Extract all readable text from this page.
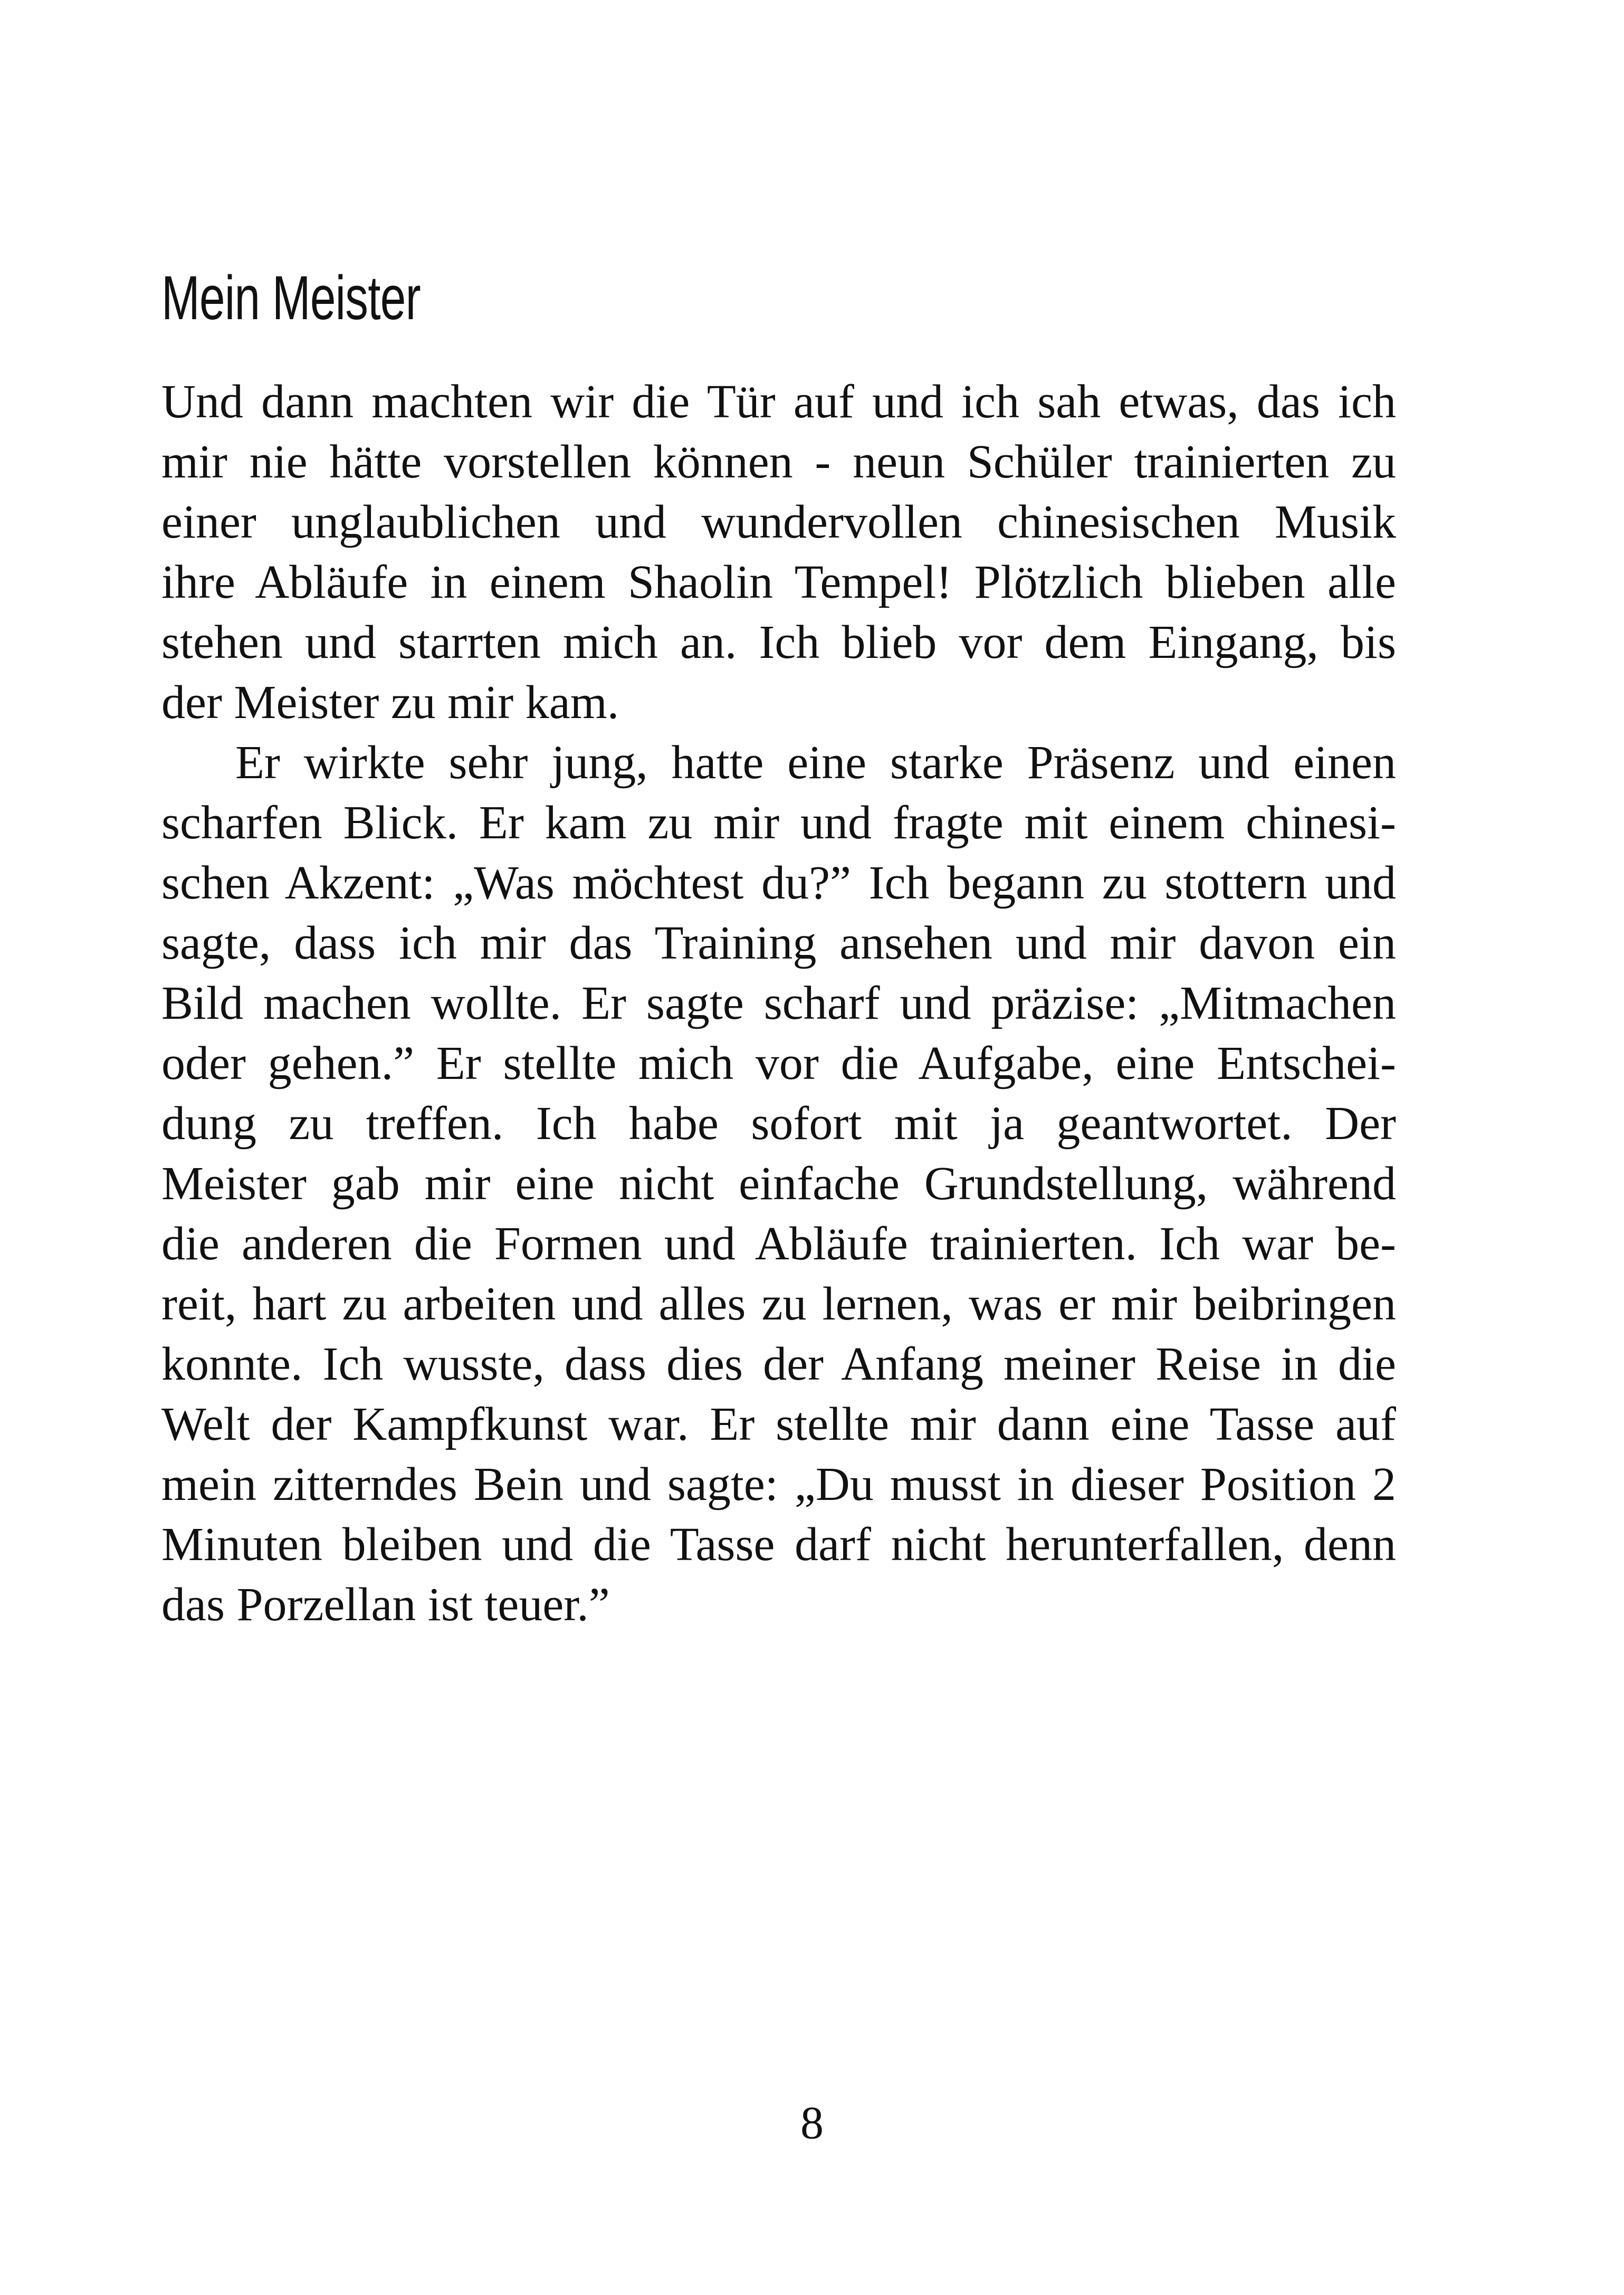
Mein Meister
Und dann machten wir die Tür auf und ich sah etwas, das ich
mir nie hätte vorstellen können - neun Schüler trainierten zu
einer unglaublichen und wundervollen chinesischen Musik
ihre Abläufe in einem Shaolin Tempel! Plötzlich blieben alle
stehen und starrten mich an. Ich blieb vor dem Eingang, bis
der Meister zu mir kam.
Er wirkte sehr jung, hatte eine starke Präsenz und einen
scharfen Blick. Er kam zu mir und fragte mit einem chinesi-
schen Akzent: „Was möchtest du?” Ich begann zu stottern und
sagte, dass ich mir das Training ansehen und mir davon ein
Bild machen wollte. Er sagte scharf und präzise: „Mitmachen
oder gehen.” Er stellte mich vor die Aufgabe, eine Entschei-
dung zu treffen. Ich habe sofort mit ja geantwortet. Der
Meister gab mir eine nicht einfache Grundstellung, während
die anderen die Formen und Abläufe trainierten. Ich war be-
reit, hart zu arbeiten und alles zu lernen, was er mir beibringen
konnte. Ich wusste, dass dies der Anfang meiner Reise in die
Welt der Kampfkunst war. Er stellte mir dann eine Tasse auf
mein zitterndes Bein und sagte: „Du musst in dieser Position 2
Minuten bleiben und die Tasse darf nicht herunterfallen, denn
das Porzellan ist teuer.”
8
